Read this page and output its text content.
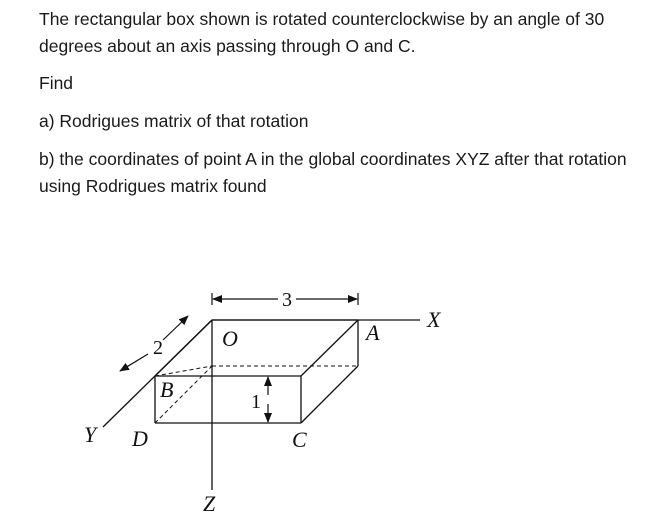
The rectangular box shown is rotated counterclockwise by an angle of 30 degrees about an axis passing through O and C.

Find

a) Rodrigues matrix of that rotation

b) the coordinates of point A in the global coordinates XYZ after that rotation using Rodrigues matrix found

3
2
1
X
Y
Z
O	A
B
C
D
